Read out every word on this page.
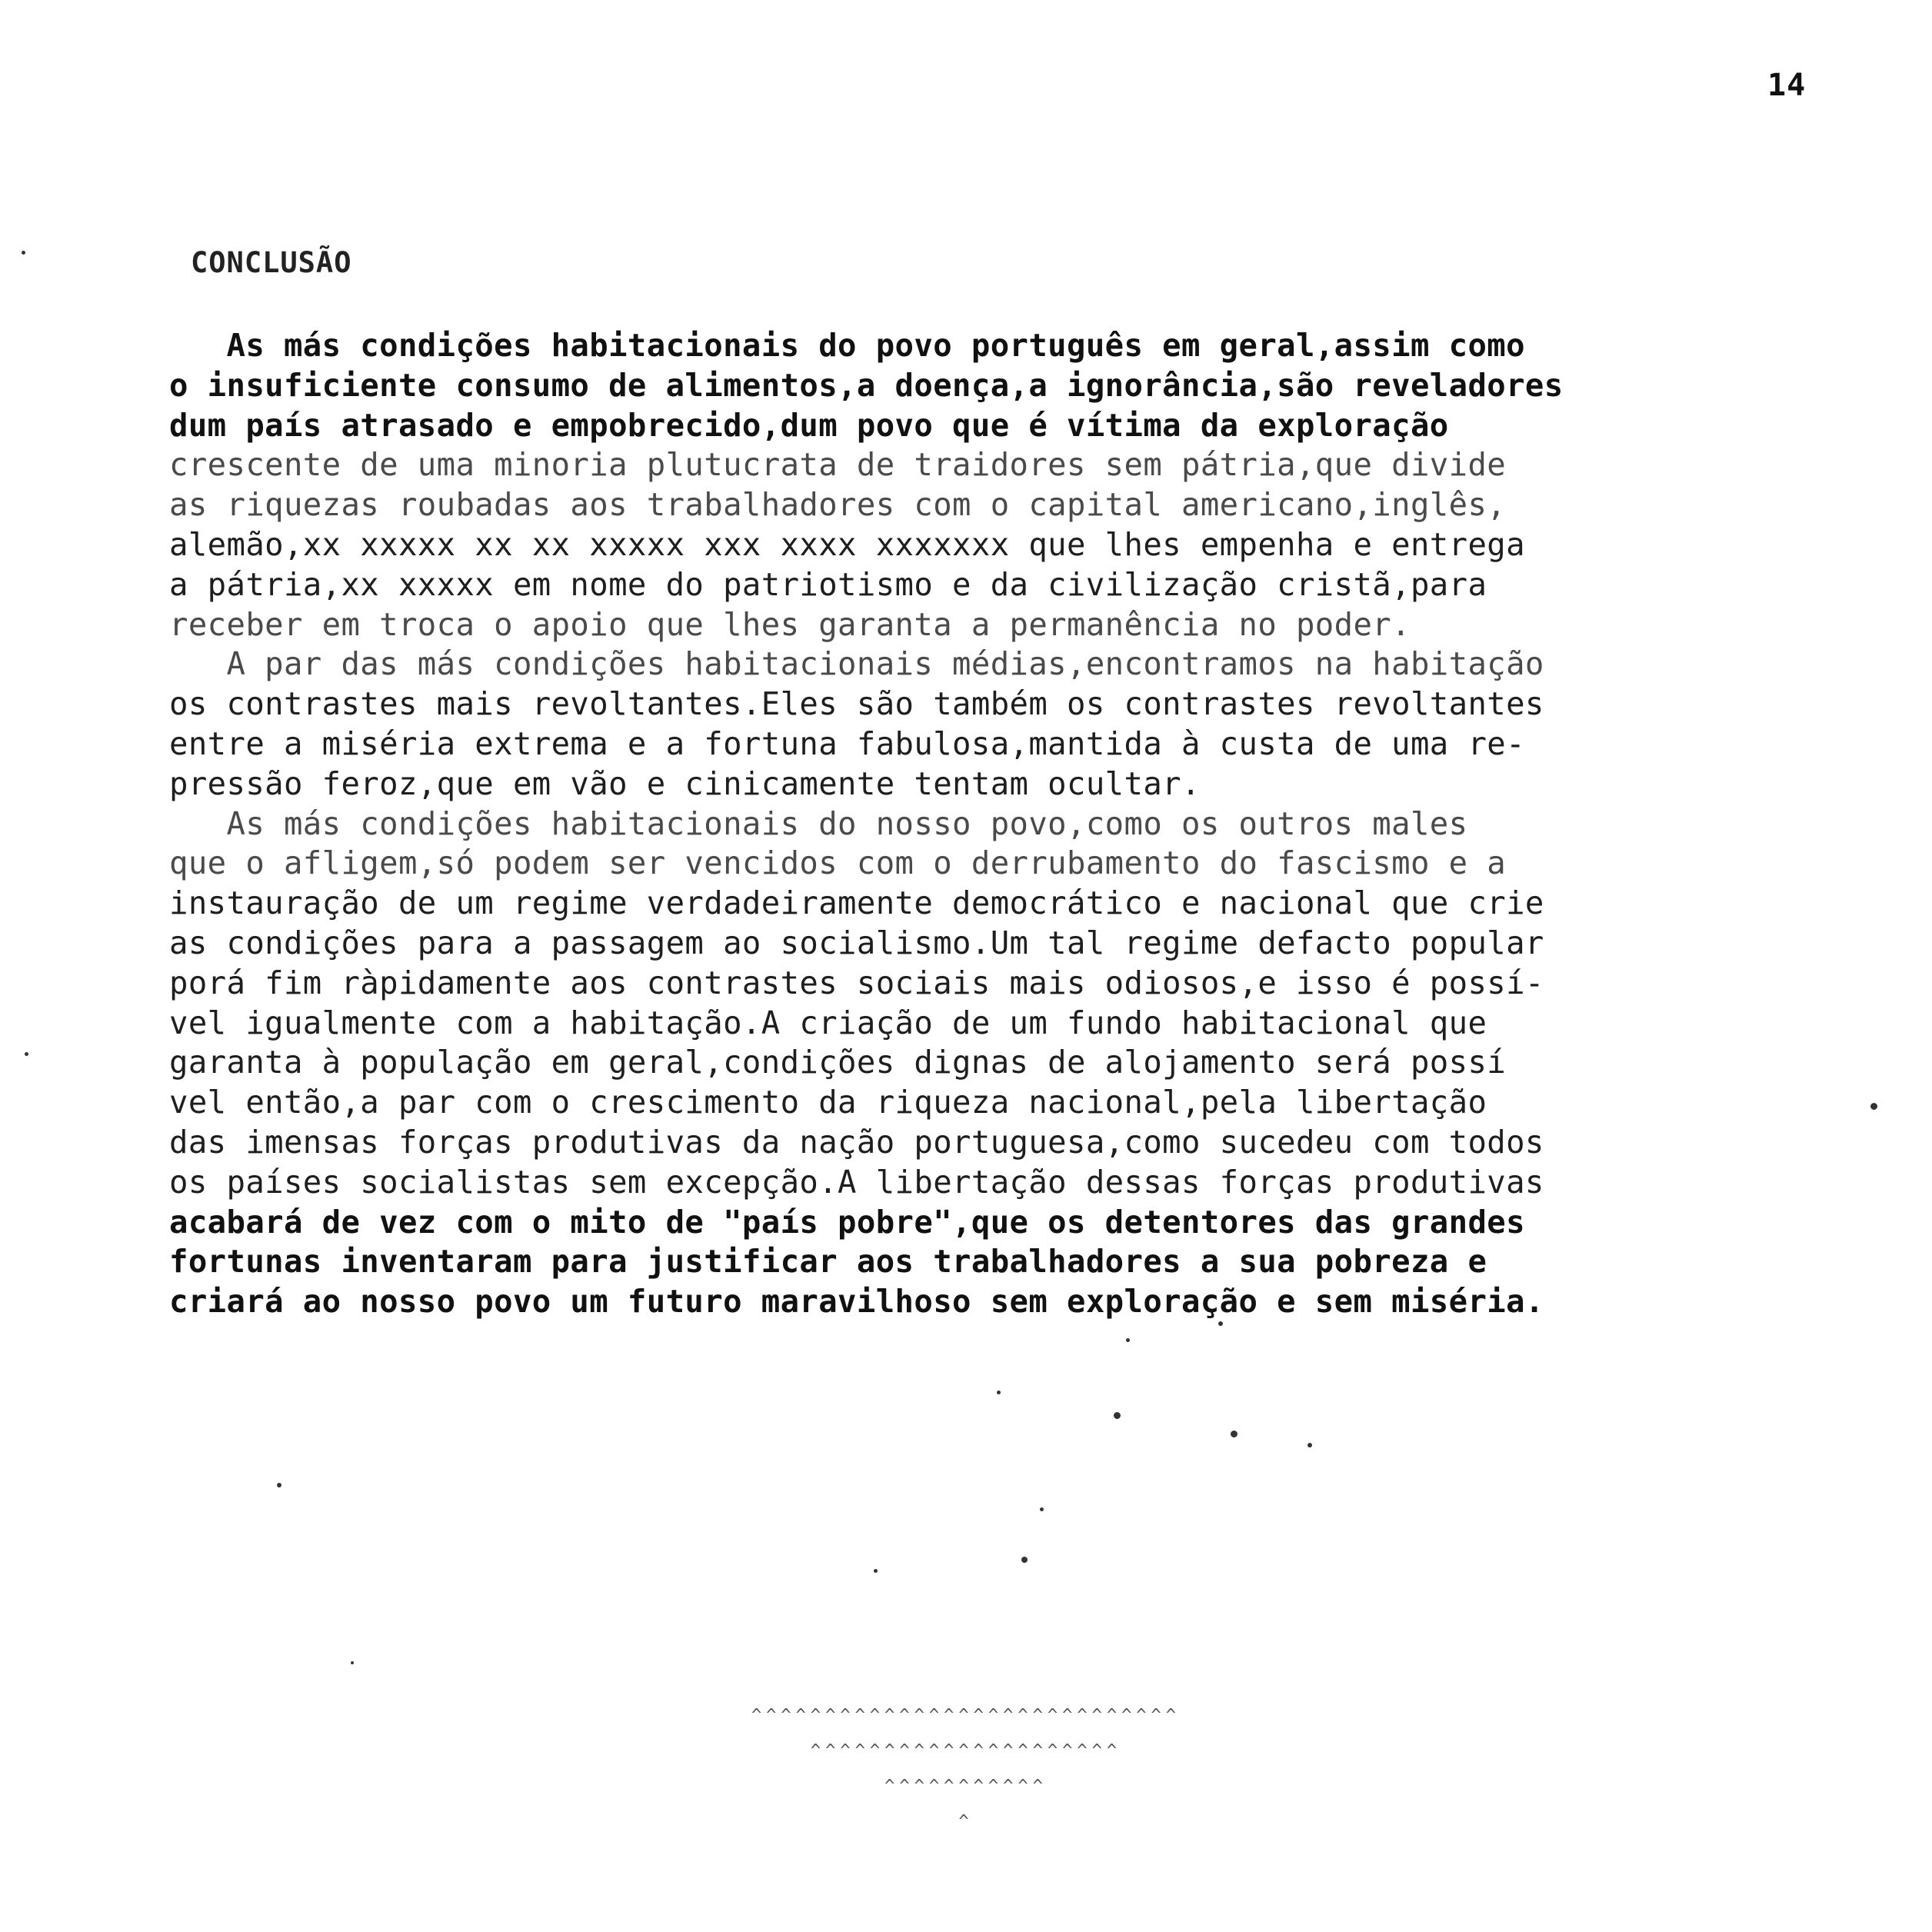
14
CONCLUSÃO
As más condições habitacionais do povo português em geral,assim como
o insuficiente consumo de alimentos,a doença,a ignorância,são reveladores
dum país atrasado e empobrecido,dum povo que é vítima da exploração
crescente de uma minoria plutucrata de traidores sem pátria,que divide
as riquezas roubadas aos trabalhadores com o capital americano,inglês,
alemão,xx xxxxx xx xx xxxxx xxx xxxx xxxxxxx que lhes empenha e entrega
a pátria,xx xxxxx em nome do patriotismo e da civilização cristã,para
receber em troca o apoio que lhes garanta a permanência no poder.
A par das más condições habitacionais médias,encontramos na habitação
os contrastes mais revoltantes.Eles são também os contrastes revoltantes
entre a miséria extrema e a fortuna fabulosa,mantida à custa de uma re-
pressão feroz,que em vão e cinicamente tentam ocultar.
As más condições habitacionais do nosso povo,como os outros males
que o afligem,só podem ser vencidos com o derrubamento do fascismo e a
instauração de um regime verdadeiramente democrático e nacional que crie
as condições para a passagem ao socialismo.Um tal regime defacto popular
porá fim ràpidamente aos contrastes sociais mais odiosos,e isso é possí-
vel igualmente com a habitação.A criação de um fundo habitacional que
garanta à população em geral,condições dignas de alojamento será possí
vel então,a par com o crescimento da riqueza nacional,pela libertação
das imensas forças produtivas da nação portuguesa,como sucedeu com todos
os países socialistas sem excepção.A libertação dessas forças produtivas
acabará de vez com o mito de "país pobre",que os detentores das grandes
fortunas inventaram para justificar aos trabalhadores a sua pobreza e
criará ao nosso povo um futuro maravilhoso sem exploração e sem miséria.
^^^^^^^^^^^^^^^^^^^^^^^^^^^^^
^^^^^^^^^^^^^^^^^^^^^
^^^^^^^^^^^
^
